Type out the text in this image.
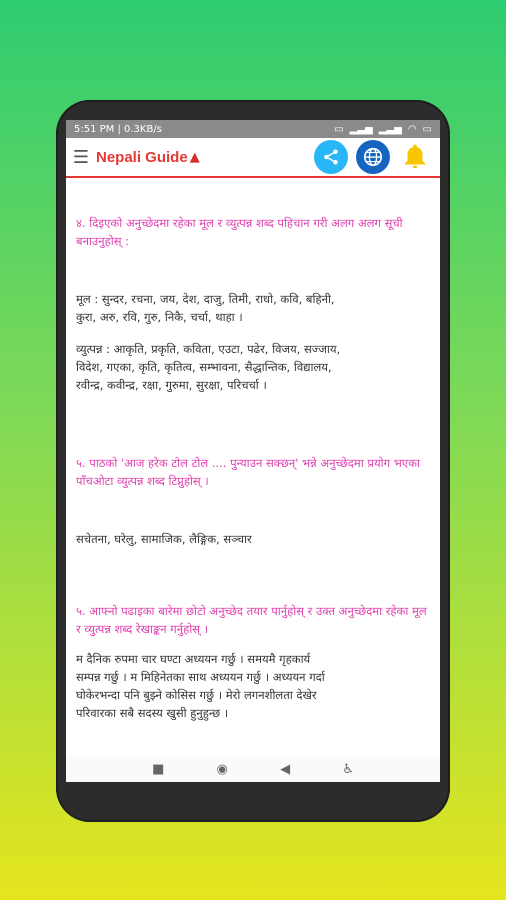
5:51 PM | 0.3KB/s	▭ ▂▃▅ ▂▃▅ ◠ ▭
☰ Nepali Guide ▲

४. दिइएको अनुच्छेदमा रहेका मूल र व्युत्पन्न शब्द पहिचान गरी अलग अलग सूची बनाउनुहोस् :

मूल : सुन्दर, रचना, जय, देश, दाजु, तिमी, राधो, कवि, बहिनी,

कुरा, अरु, रवि, गुरु, निकै, चर्चा, थाहा ।

व्युत्पन्न : आकृति, प्रकृति, कविता, एउटा, पढेर, विजय, सज्जाय,

विदेश, गएका, कृति, कृतित्व, सम्भावना, सैद्धान्तिक, विद्यालय,

रवीन्द्र, कवीन्द्र, रक्षा, गुरुमा, सुरक्षा, परिचर्चा ।

५. पाठको 'आज हरेक टोल टोल .... पुन्याउन सक्छन्' भन्ने अनुच्छेदमा प्रयोग भएका पाँचओटा व्युत्पन्न शब्द टिप्नुहोस् ।

सचेतना, घरेलु, सामाजिक, लैङ्गिक, सञ्चार

५. आफ्नो पढाइका बारेमा छोटो अनुच्छेद तयार पार्नुहोस् र उक्त अनुच्छेदमा रहेका मूल र व्युत्पन्न शब्द रेखाङ्कन गर्नुहोस् ।

म दैनिक रुपमा चार घण्टा अध्ययन गर्छु । समयमै गृहकार्य

सम्पन्न गर्छु । म मिहिनेतका साथ अध्ययन गर्छु । अध्ययन गर्दा

घोकेरभन्दा पनि बुझ्ने कोसिस गर्छु । मेरो लगनशीलता देखेर

परिवारका सबै सदस्य खुसी हुनुहुन्छ ।

■	◉	◀	♿
